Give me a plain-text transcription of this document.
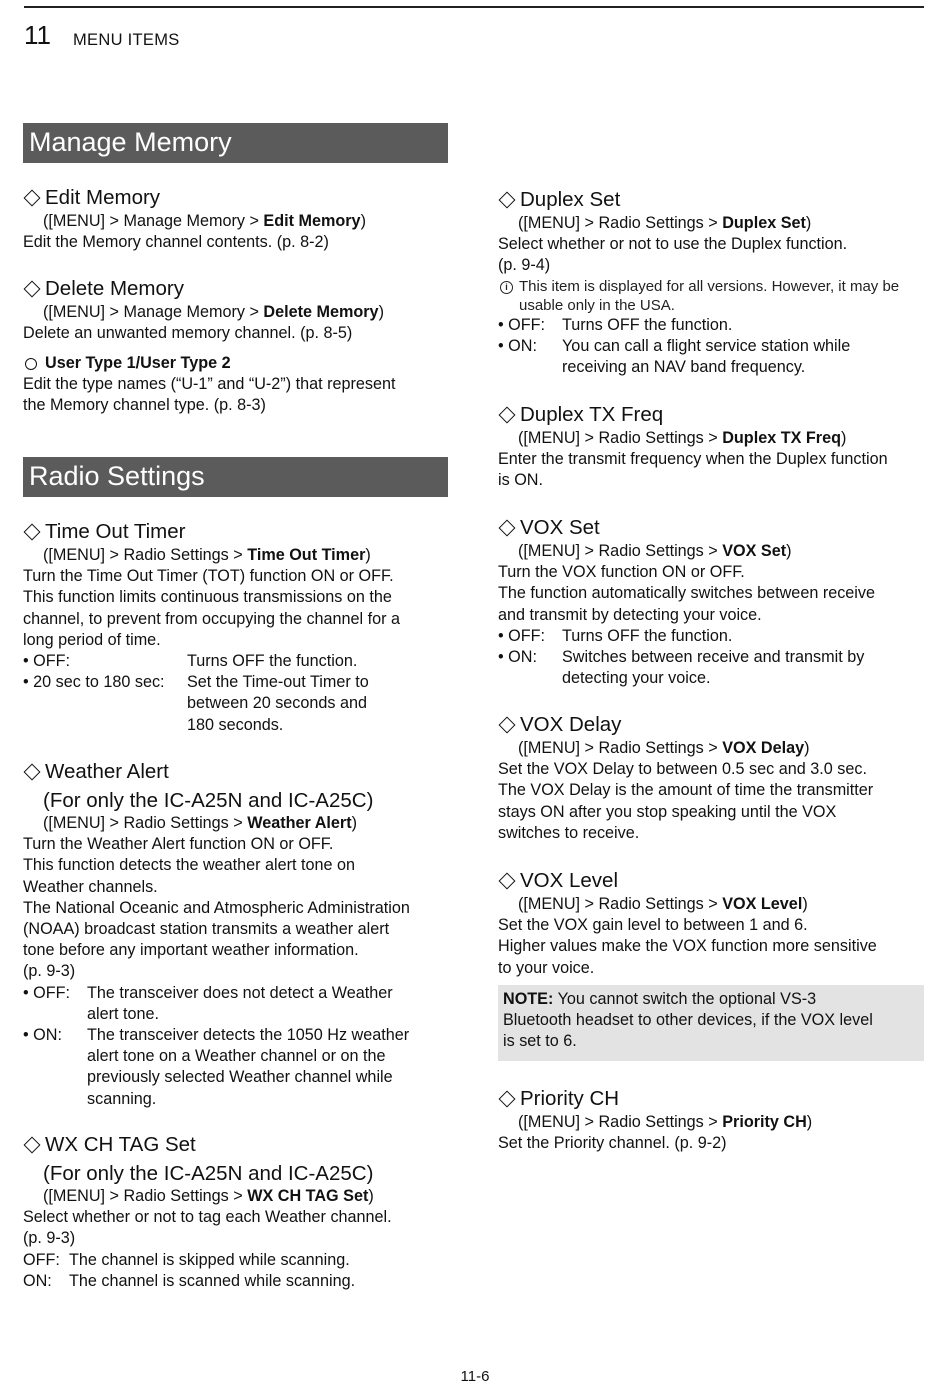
11 MENU ITEMS
Manage Memory
Edit Memory

([MENU] > Manage Memory > Edit Memory)

Edit the Memory channel contents. (p. 8-2)

Delete Memory

([MENU] > Manage Memory > Delete Memory)

Delete an unwanted memory channel. (p. 8-5)

User Type 1/User Type 2

Edit the type names (“U-1” and “U-2”) that represent

the Memory channel type. (p. 8-3)

Radio Settings
Time Out Timer

([MENU] > Radio Settings > Time Out Timer)

Turn the Time Out Timer (TOT) function ON or OFF.

This function limits continuous transmissions on the

channel, to prevent from occupying the channel for a

long period of time.

• OFF:	Turns OFF the function.
• 20 sec to 180 sec:	Set the Time-out Timer to
between 20 seconds and
180 seconds.
Weather Alert
(For only the IC-A25N and IC-A25C)

([MENU] > Radio Settings > Weather Alert)

Turn the Weather Alert function ON or OFF.

This function detects the weather alert tone on

Weather channels.

The National Oceanic and Atmospheric Administration

(NOAA) broadcast station transmits a weather alert

tone before any important weather information.

(p. 9-3)

• OFF:	The transceiver does not detect a Weather
alert tone.
• ON:	The transceiver detects the 1050 Hz weather
alert tone on a Weather channel or on the
previously selected Weather channel while
scanning.
WX CH TAG Set
(For only the IC-A25N and IC-A25C)

([MENU] > Radio Settings > WX CH TAG Set)

Select whether or not to tag each Weather channel.

(p. 9-3)

OFF: The channel is skipped while scanning.
ON:	The channel is scanned while scanning.
Duplex Set

([MENU] > Radio Settings > Duplex Set)

Select whether or not to use the Duplex function.

(p. 9-4)

i This item is displayed for all versions. However, it may be
usable only in the USA.
• OFF:	Turns OFF the function.
• ON:	You can call a flight service station while
receiving an NAV band frequency.
Duplex TX Freq

([MENU] > Radio Settings > Duplex TX Freq)

Enter the transmit frequency when the Duplex function

is ON.

VOX Set

([MENU] > Radio Settings > VOX Set)

Turn the VOX function ON or OFF.

The function automatically switches between receive

and transmit by detecting your voice.

• OFF:	Turns OFF the function.
• ON:	Switches between receive and transmit by
detecting your voice.
VOX Delay

([MENU] > Radio Settings > VOX Delay)

Set the VOX Delay to between 0.5 sec and 3.0 sec.

The VOX Delay is the amount of time the transmitter

stays ON after you stop speaking until the VOX

switches to receive.

VOX Level

([MENU] > Radio Settings > VOX Level)

Set the VOX gain level to between 1 and 6.

Higher values make the VOX function more sensitive

to your voice.

NOTE: You cannot switch the optional VS-3

Bluetooth headset to other devices, if the VOX level

is set to 6.

Priority CH

([MENU] > Radio Settings > Priority CH)

Set the Priority channel. (p. 9-2)

11-6
